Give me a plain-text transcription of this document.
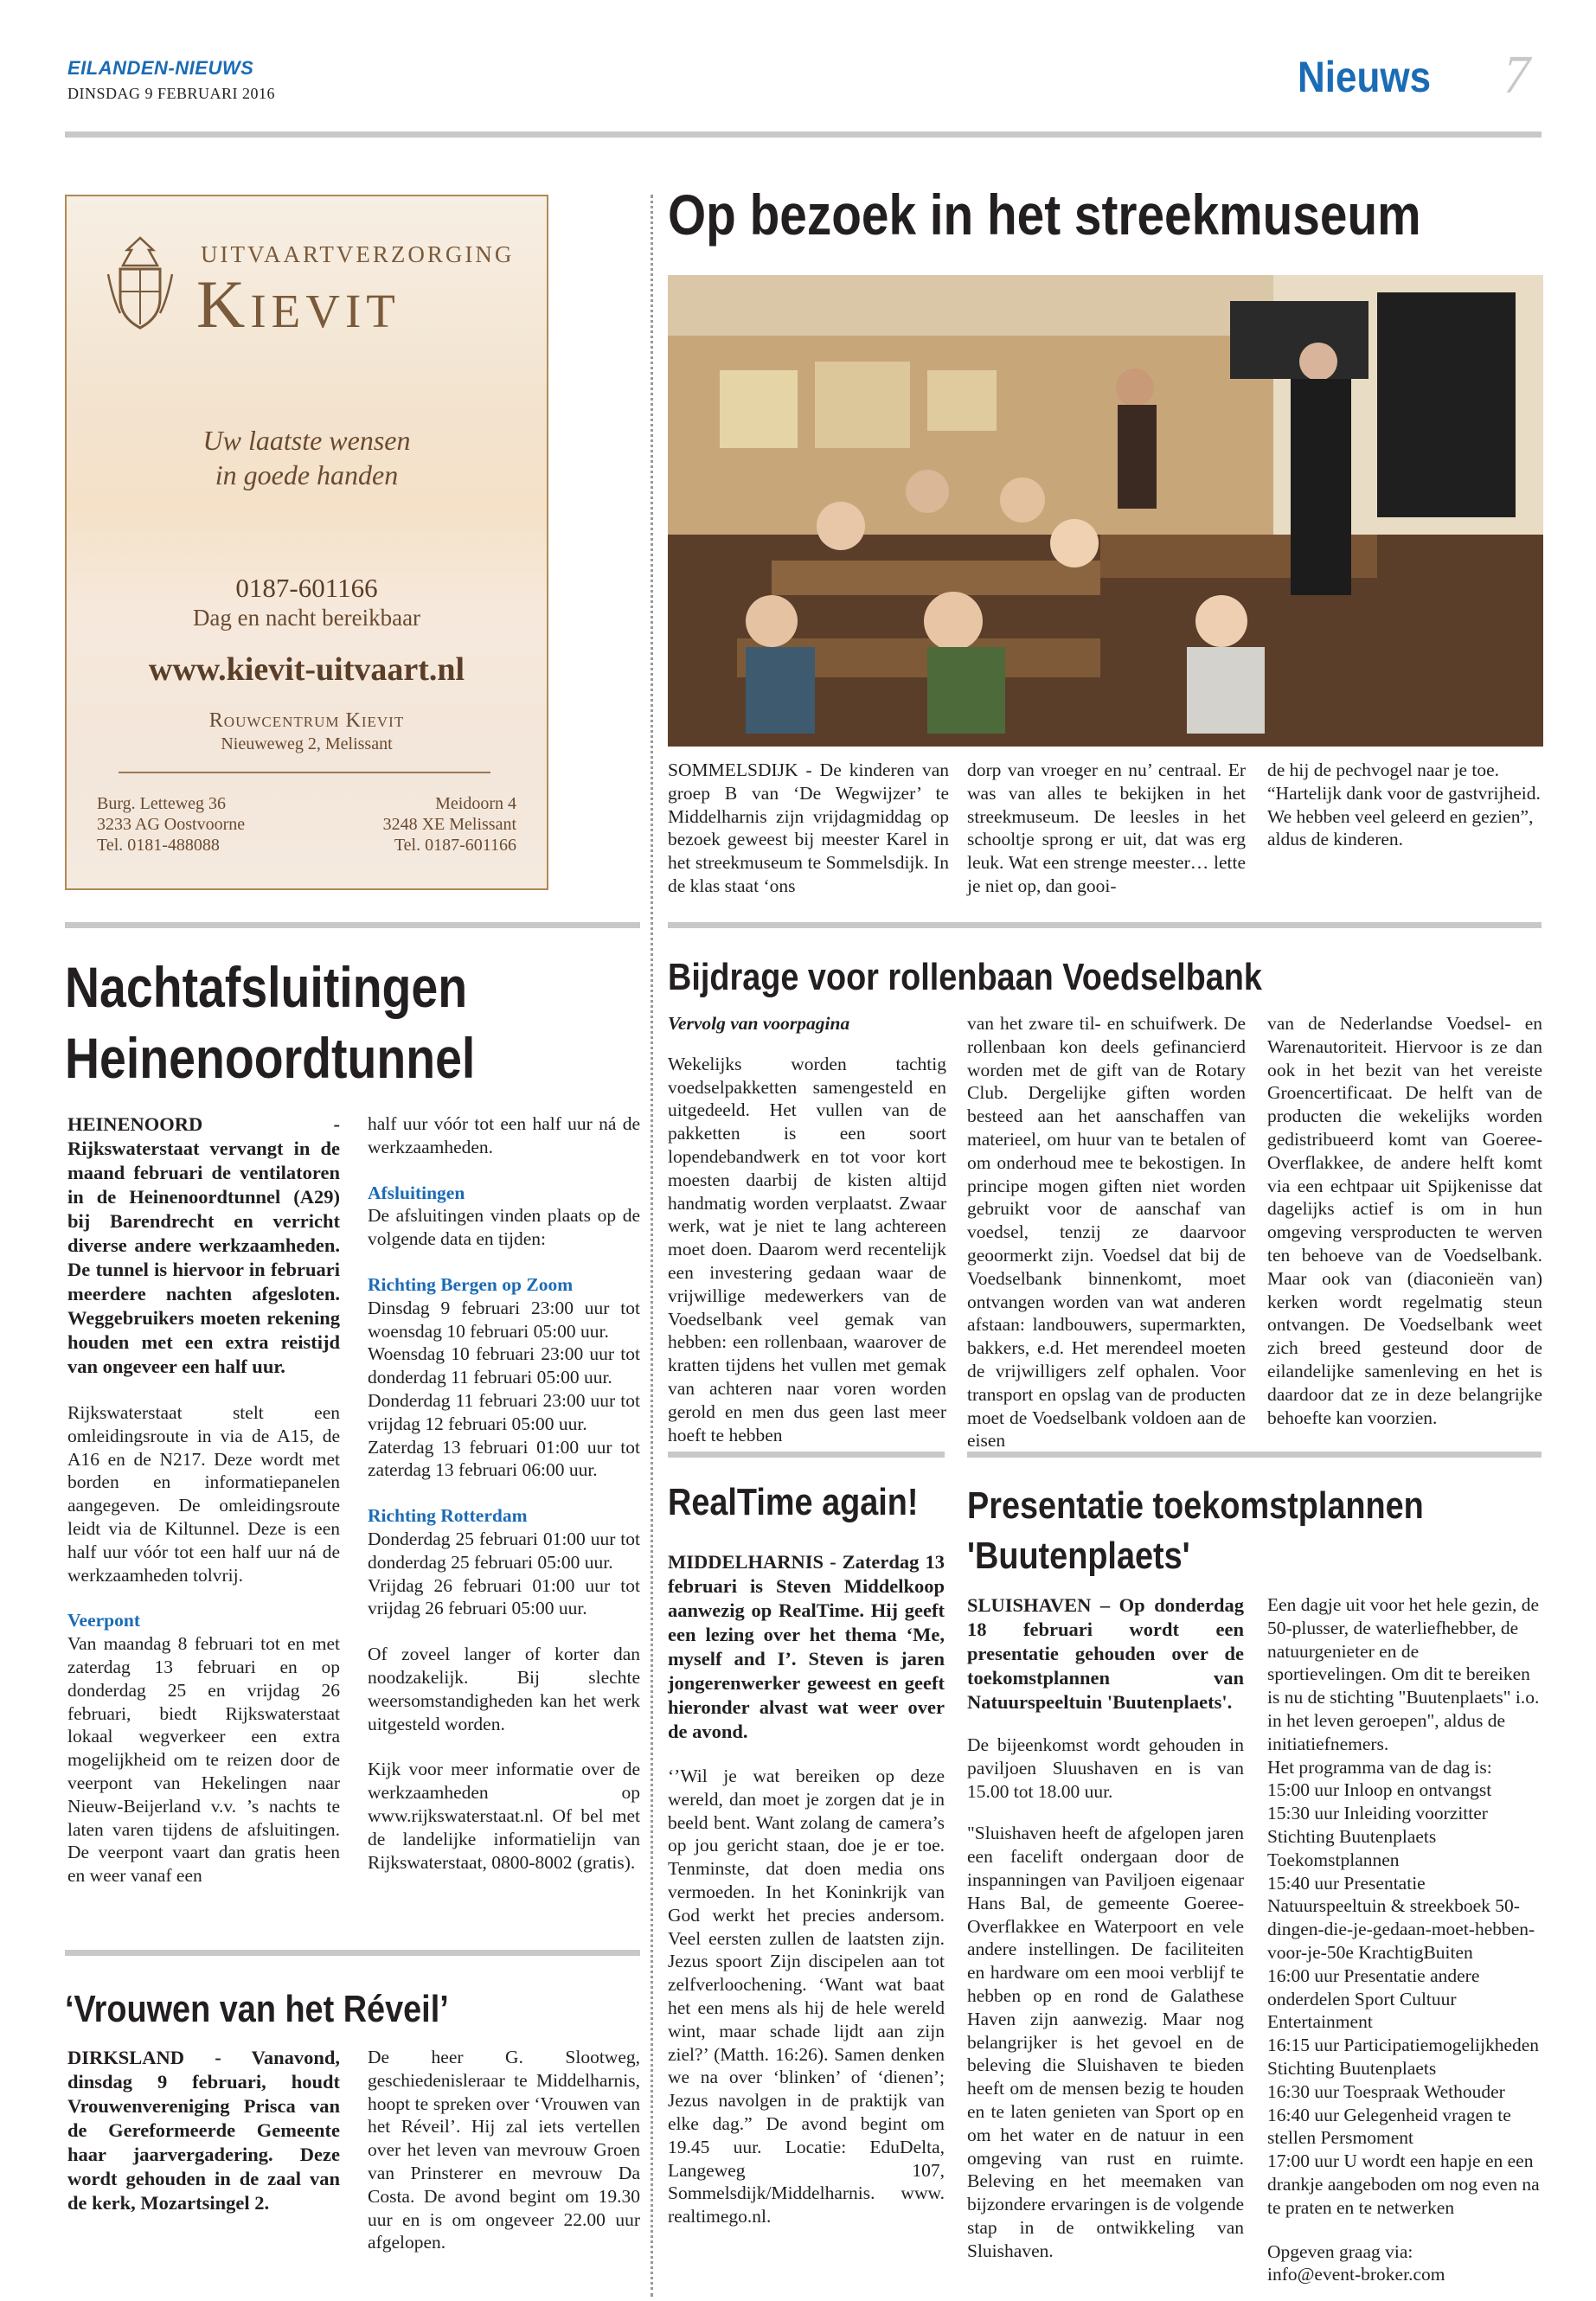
EILANDEN-NIEUWS
DINSDAG 9 FEBRUARI 2016	Nieuws 7
UITVAARTVERZORGING
Kievit
Uw laatste wensen
in goede handen
0187-601166
Dag en nacht bereikbaar
www.kievit-uitvaart.nl
Rouwcentrum Kievit
Nieuweweg 2, Melissant
Burg. Letteweg 36
3233 AG Oostvoorne
Tel. 0181-488088
Meidoorn 4
3248 XE Melissant
Tel. 0187-601166
Op bezoek in het streekmuseum
SOMMELSDIJK - De kinderen van groep B van ‘De Wegwijzer’ te Middelharnis zijn vrijdagmiddag op bezoek geweest bij meester Karel in het streekmuseum te Sommelsdijk. In de klas staat ‘ons
dorp van vroeger en nu’ centraal. Er was van alles te bekijken in het streekmuseum. De leesles in het schooltje sprong er uit, dat was erg leuk. Wat een strenge meester… lette je niet op, dan gooi-
de hij de pechvogel naar je toe. “Hartelijk dank voor de gastvrijheid. We hebben veel geleerd en gezien”, aldus de kinderen.
Nachtafsluitingen
Heinenoordtunnel
HEINENOORD - Rijkswaterstaat vervangt in de maand februari de ventilatoren in de Heinenoordtunnel (A29) bij Barendrecht en verricht diverse andere werkzaamheden. De tunnel is hiervoor in februari meerdere nachten afgesloten. Weggebruikers moeten rekening houden met een extra reistijd van ongeveer een half uur.
Rijkswaterstaat stelt een omleidingsroute in via de A15, de A16 en de N217. Deze wordt met borden en informatiepanelen aangegeven. De omleidingsroute leidt via de Kiltunnel. Deze is een half uur vóór tot een half uur ná de werkzaamheden tolvrij.
Veerpont
Van maandag 8 februari tot en met zaterdag 13 februari en op donderdag 25 en vrijdag 26 februari, biedt Rijkswaterstaat lokaal wegverkeer een extra mogelijkheid om te reizen door de veerpont van Hekelingen naar Nieuw-Beijerland v.v. ’s nachts te laten varen tijdens de afsluitingen. De veerpont vaart dan gratis heen en weer vanaf een
half uur vóór tot een half uur ná de werkzaamheden.
Afsluitingen
De afsluitingen vinden plaats op de volgende data en tijden:
Richting Bergen op Zoom
Dinsdag 9 februari 23:00 uur tot woensdag 10 februari 05:00 uur.
Woensdag 10 februari 23:00 uur tot donderdag 11 februari 05:00 uur.
Donderdag 11 februari 23:00 uur tot vrijdag 12 februari 05:00 uur.
Zaterdag 13 februari 01:00 uur tot zaterdag 13 februari 06:00 uur.
Richting Rotterdam
Donderdag 25 februari 01:00 uur tot donderdag 25 februari 05:00 uur.
Vrijdag 26 februari 01:00 uur tot vrijdag 26 februari 05:00 uur.
Of zoveel langer of korter dan noodzakelijk. Bij slechte weersomstandigheden kan het werk uitgesteld worden.
Kijk voor meer informatie over de werkzaamheden op www.rijkswaterstaat.nl. Of bel met de landelijke informatielijn van Rijkswaterstaat, 0800-8002 (gratis).
Bijdrage voor rollenbaan Voedselbank
Vervolg van voorpagina
Wekelijks worden tachtig voedselpakketten samengesteld en uitgedeeld. Het vullen van de pakketten is een soort lopendebandwerk en tot voor kort moesten daarbij de kisten altijd handmatig worden verplaatst. Zwaar werk, wat je niet te lang achtereen moet doen. Daarom werd recentelijk een investering gedaan waar de vrijwillige medewerkers van de Voedselbank veel gemak van hebben: een rollenbaan, waarover de kratten tijdens het vullen met gemak van achteren naar voren worden gerold en men dus geen last meer hoeft te hebben
van het zware til- en schuifwerk. De rollenbaan kon deels gefinancierd worden met de gift van de Rotary Club. Dergelijke giften worden besteed aan het aanschaffen van materieel, om huur van te betalen of om onderhoud mee te bekostigen. In principe mogen giften niet worden gebruikt voor de aanschaf van voedsel, tenzij ze daarvoor geoormerkt zijn. Voedsel dat bij de Voedselbank binnenkomt, moet ontvangen worden van wat anderen afstaan: landbouwers, supermarkten, bakkers, e.d. Het merendeel moeten de vrijwilligers zelf ophalen. Voor transport en opslag van de producten moet de Voedselbank voldoen aan de eisen
van de Nederlandse Voedsel- en Warenautoriteit. Hiervoor is ze dan ook in het bezit van het vereiste Groencertificaat. De helft van de producten die wekelijks worden gedistribueerd komt van Goeree-Overflakkee, de andere helft komt via een echtpaar uit Spijkenisse dat dagelijks actief is om in hun omgeving versproducten te werven ten behoeve van de Voedselbank. Maar ook van (diaconieën van) kerken wordt regelmatig steun ontvangen. De Voedselbank weet zich breed gesteund door de eilandelijke samenleving en het is daardoor dat ze in deze belangrijke behoefte kan voorzien.
RealTime again!
MIDDELHARNIS - Zaterdag 13 februari is Steven Middelkoop aanwezig op RealTime. Hij geeft een lezing over het thema ‘Me, myself and I’. Steven is jaren jongerenwerker geweest en geeft hieronder alvast wat weer over de avond.
‘’Wil je wat bereiken op deze wereld, dan moet je zorgen dat je in beeld bent. Want zolang de camera’s op jou gericht staan, doe je er toe. Tenminste, dat doen media ons vermoeden. In het Koninkrijk van God werkt het precies andersom. Veel eersten zullen de laatsten zijn. Jezus spoort Zijn discipelen aan tot zelfverloochening. ‘Want wat baat het een mens als hij de hele wereld wint, maar schade lijdt aan zijn ziel?’ (Matth. 16:26). Samen denken we na over ‘blinken’ of ‘dienen’; Jezus navolgen in de praktijk van elke dag.” De avond begint om 19.45 uur. Locatie: EduDelta, Langeweg 107, Sommelsdijk/Middelharnis. www. realtimego.nl.
Presentatie toekomstplannen
'Buutenplaets'
SLUISHAVEN – Op donderdag 18 februari wordt een presentatie gehouden over de toekomstplannen van Natuurspeeltuin 'Buutenplaets'.
De bijeenkomst wordt gehouden in paviljoen Sluushaven en is van 15.00 tot 18.00 uur.
"Sluishaven heeft de afgelopen jaren een facelift ondergaan door de inspanningen van Paviljoen eigenaar Hans Bal, de gemeente Goeree-Overflakkee en Waterpoort en vele andere instellingen. De faciliteiten en hardware om een mooi verblijf te hebben op en rond de Galathese Haven zijn aanwezig. Maar nog belangrijker is het gevoel en de beleving die Sluishaven te bieden heeft om de mensen bezig te houden en te laten genieten van Sport op en om het water en de natuur in een omgeving van rust en ruimte. Beleving en het meemaken van bijzondere ervaringen is de volgende stap in de ontwikkeling van Sluishaven.
Een dagje uit voor het hele gezin, de 50-plusser, de waterliefhebber, de natuurgenieter en de sportievelingen. Om dit te bereiken is nu de stichting "Buutenplaets" i.o. in het leven geroepen", aldus de initiatiefnemers.
Het programma van de dag is:
15:00 uur Inloop en ontvangst
15:30 uur Inleiding voorzitter Stichting Buutenplaets Toekomstplannen
15:40 uur Presentatie Natuurspeeltuin & streekboek 50-dingen-die-je-gedaan-moet-hebben-voor-je-50e KrachtigBuiten
16:00 uur Presentatie andere onderdelen Sport Cultuur Entertainment
16:15 uur Participatiemogelijkheden Stichting Buutenplaets
16:30 uur Toespraak Wethouder
16:40 uur Gelegenheid vragen te stellen Persmoment
17:00 uur U wordt een hapje en een drankje aangeboden om nog even na te praten en te netwerken
Opgeven graag via:
info@event-broker.com
‘Vrouwen van het Réveil’
DIRKSLAND - Vanavond, dinsdag 9 februari, houdt Vrouwenvereniging Prisca van de Gereformeerde Gemeente haar jaarvergadering. Deze wordt gehouden in de zaal van de kerk, Mozartsingel 2.
De heer G. Slootweg, geschiedenisleraar te Middelharnis, hoopt te spreken over ‘Vrouwen van het Réveil’. Hij zal iets vertellen over het leven van mevrouw Groen van Prinsterer en mevrouw Da Costa. De avond begint om 19.30 uur en is om ongeveer 22.00 uur afgelopen.
